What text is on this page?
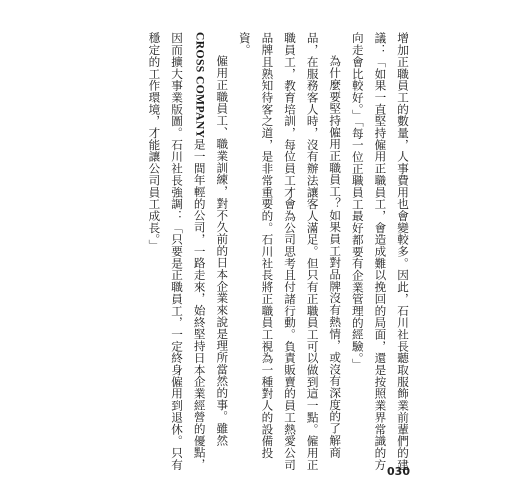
增加正職員工的數量，人事費用也會變較多。因此，石川社長聽取服飾業前輩們的建議：「如果一直堅持僱用正職員工，會造成難以挽回的局面，還是按照業界常識的方向走會比較好。」「每一位正職員工最好都要有企業管理的經驗。」

為什麼要堅持僱用正職員工？如果員工對品牌沒有熱情，或沒有深度的了解商品，在服務客人時，沒有辦法讓客人滿足。但只有正職員工可以做到這一點。僱用正職員工，教育培訓，每位員工才會為公司思考且付諸行動。負責販賣的員工熱愛公司品牌且熟知待客之道，是非常重要的。石川社長將正職員工視為一種對人的設備投資。

僱用正職員工、職業訓練，對不久前的日本企業來說是理所當然的事。雖然CROSS COMPANY是一間年輕的公司，一路走來，始終堅持日本企業經營的優點，因而擴大事業版圖。石川社長強調：「只要是正職員工，一定終身僱用到退休。只有穩定的工作環境，才能讓公司員工成長。」

030
